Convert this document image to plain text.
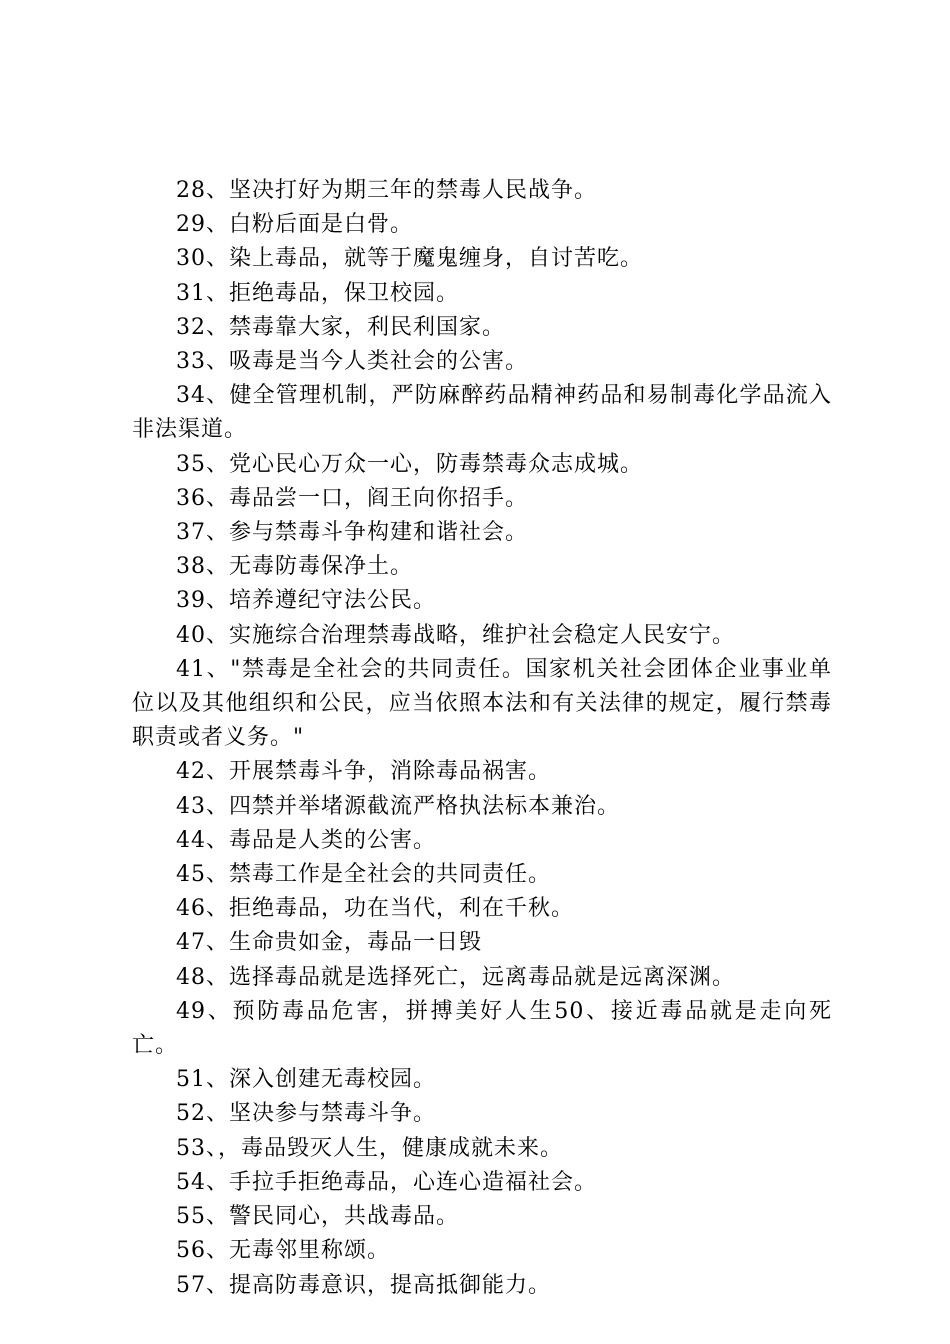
28、坚决打好为期三年的禁毒人民战争。

29、白粉后面是白骨。

30、染上毒品，就等于魔鬼缠身，自讨苦吃。

31、拒绝毒品，保卫校园。

32、禁毒靠大家，利民利国家。

33、吸毒是当今人类社会的公害。

34、健全管理机制，严防麻醉药品精神药品和易制毒化学品流入非法渠道。

35、党心民心万众一心，防毒禁毒众志成城。

36、毒品尝一口，阎王向你招手。

37、参与禁毒斗争构建和谐社会。

38、无毒防毒保净土。

39、培养遵纪守法公民。

40、实施综合治理禁毒战略，维护社会稳定人民安宁。

41、"禁毒是全社会的共同责任。国家机关社会团体企业事业单位以及其他组织和公民，应当依照本法和有关法律的规定，履行禁毒职责或者义务。"

42、开展禁毒斗争，消除毒品祸害。

43、四禁并举堵源截流严格执法标本兼治。

44、毒品是人类的公害。

45、禁毒工作是全社会的共同责任。

46、拒绝毒品，功在当代，利在千秋。

47、生命贵如金，毒品一日毁

48、选择毒品就是选择死亡，远离毒品就是远离深渊。

49、预防毒品危害，拼搏美好人生50、接近毒品就是走向死亡。

51、深入创建无毒校园。

52、坚决参与禁毒斗争。

53、，毒品毁灭人生，健康成就未来。

54、手拉手拒绝毒品，心连心造福社会。

55、警民同心，共战毒品。

56、无毒邻里称颂。

57、提高防毒意识，提高抵御能力。
